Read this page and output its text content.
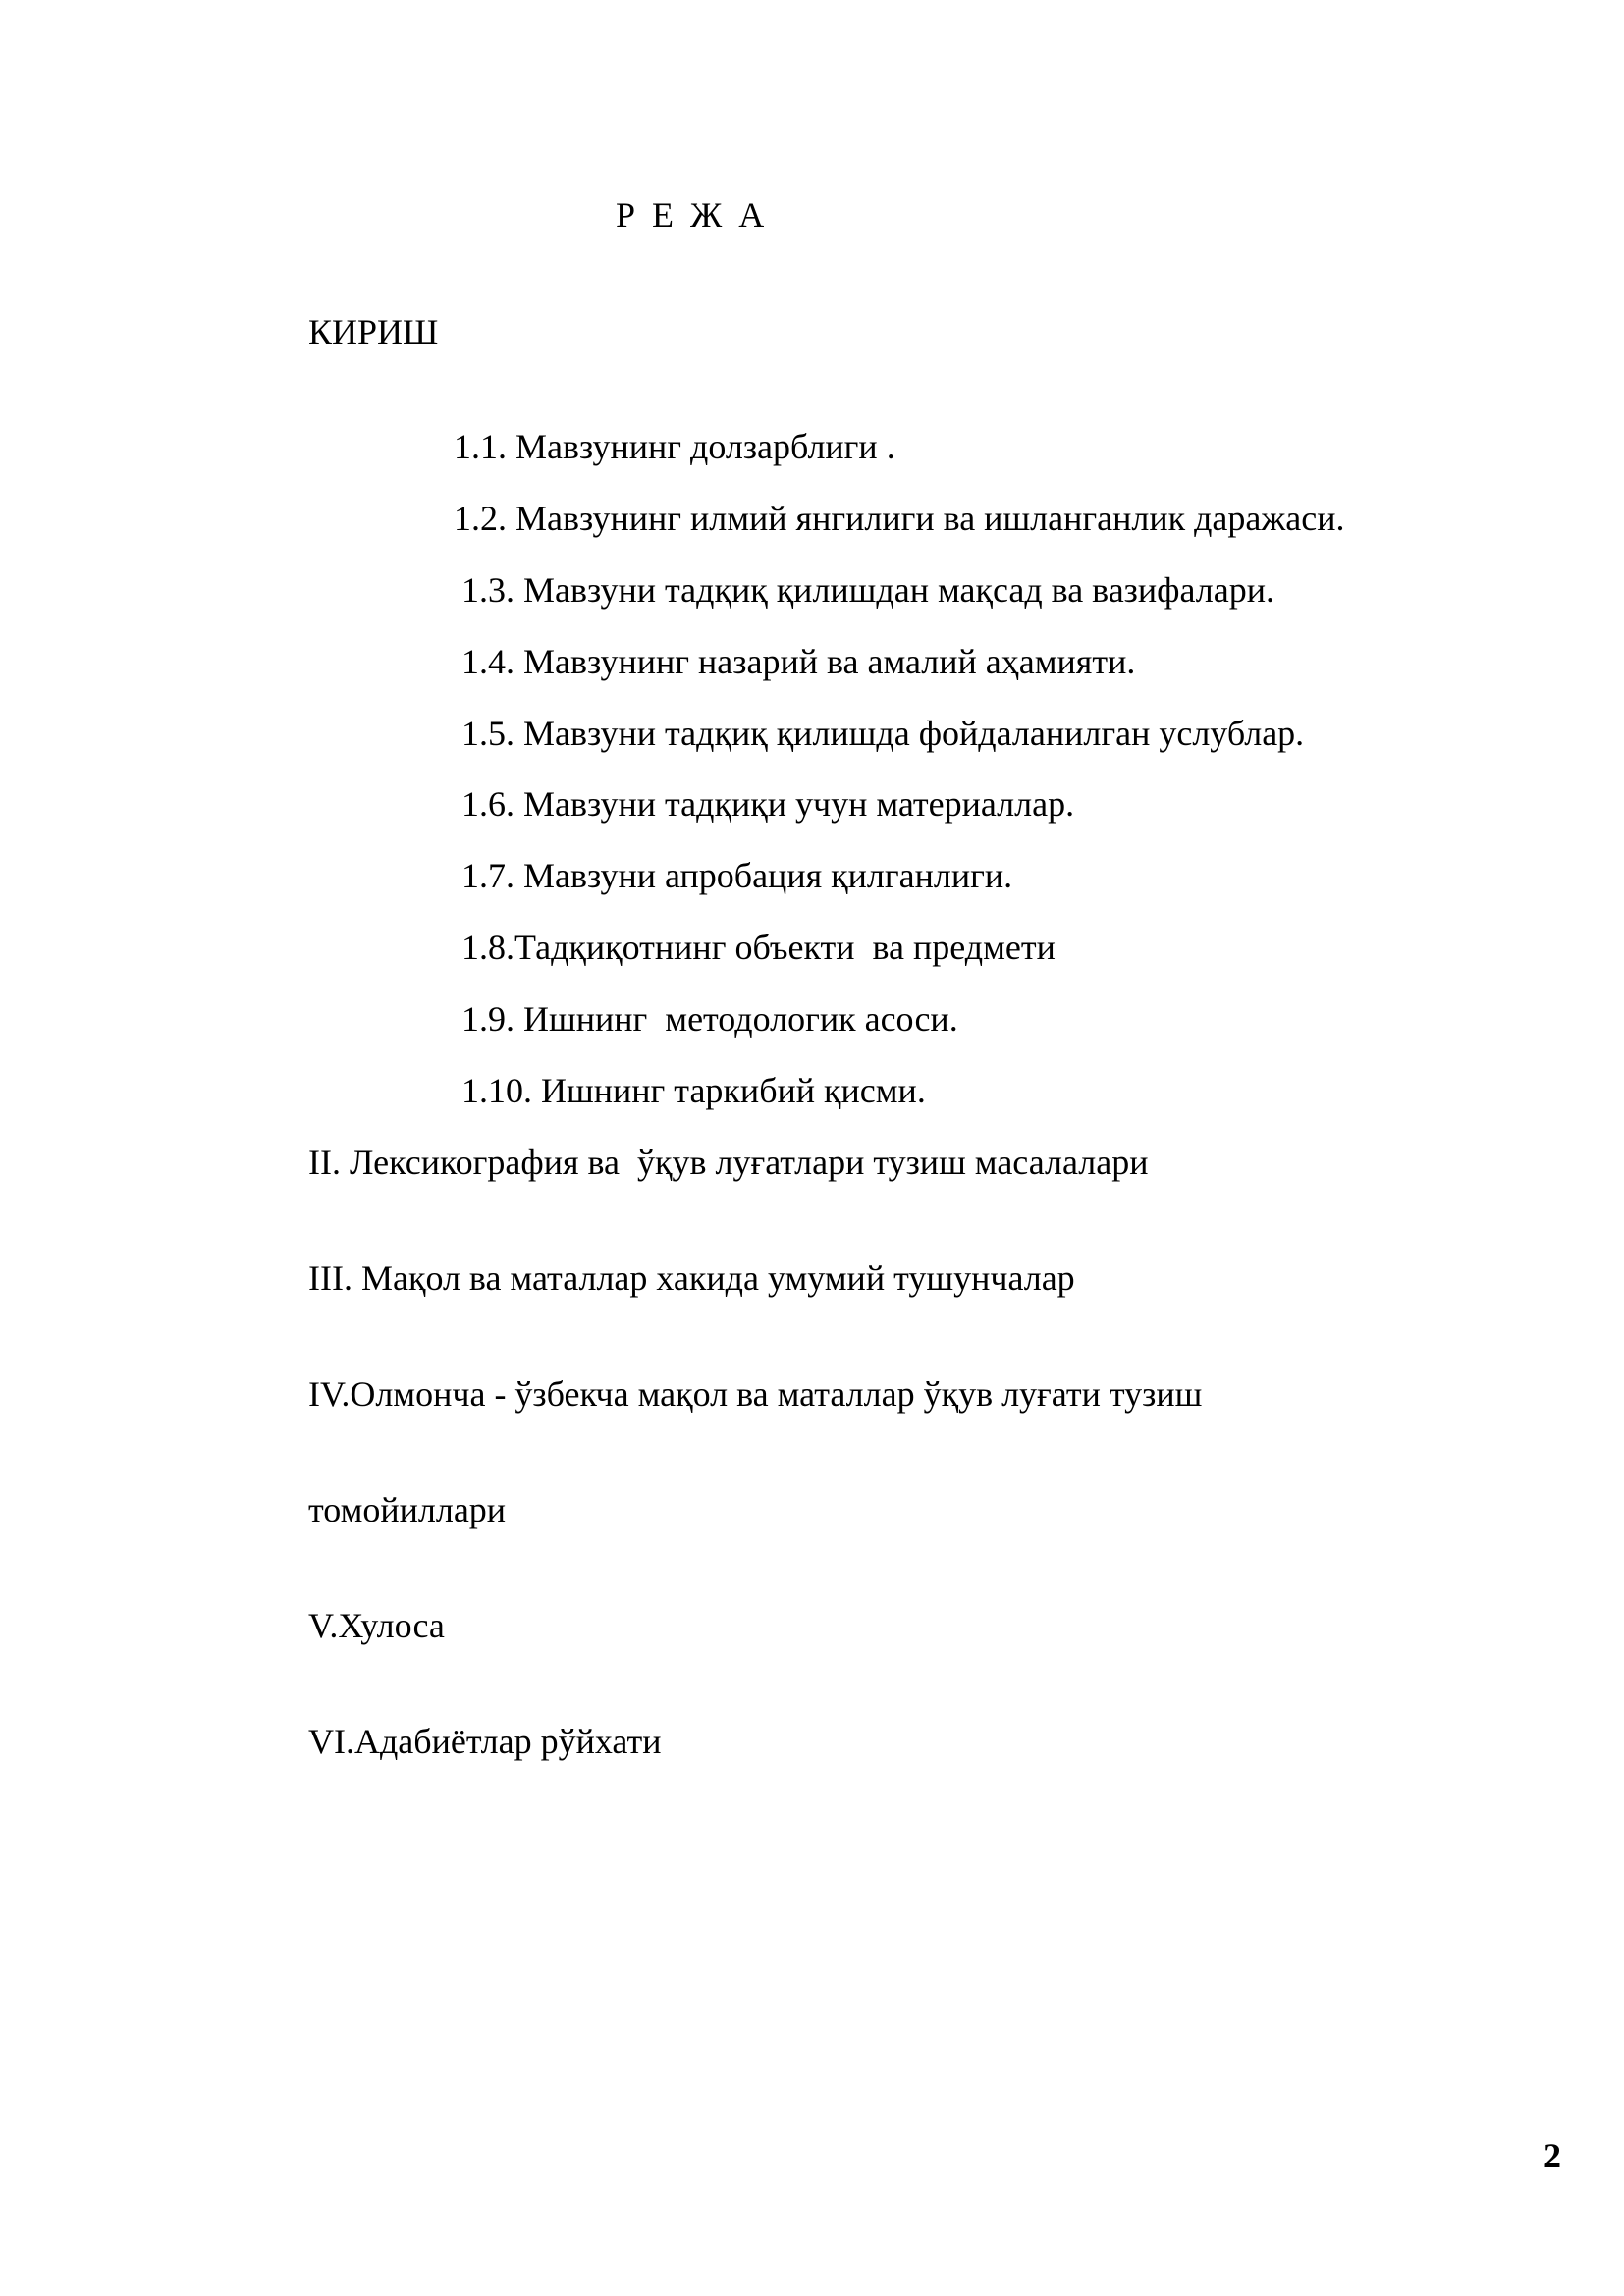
Р Е Ж А

КИРИШ

1.1. Мавзунинг долзарблиги .

1.2. Мавзунинг илмий янгилиги ва ишланганлик даражаси.

1.3. Мавзуни тадқиқ қилишдан мақсад ва вазифалари.

1.4. Мавзунинг назарий ва амалий аҳамияти.

1.5. Мавзуни тадқиқ қилишда фойдаланилган услублар.

1.6. Мавзуни тадқиқи учун материаллар.

1.7. Мавзуни апробация қилганлиги.

1.8.Тадқиқотнинг объекти  ва предмети

1.9. Ишнинг  методологик асоси.

1.10. Ишнинг таркибий қисми.

II. Лексикография ва  ўқув луғатлари тузиш масалалари

III. Мақол ва маталлар хакида умумий тушунчалар

IV.Олмонча - ўзбекча мақол ва маталлар ўқув луғати тузиш

томойиллари

V.Хулоса

VI.Адабиётлар рўйхати

2
